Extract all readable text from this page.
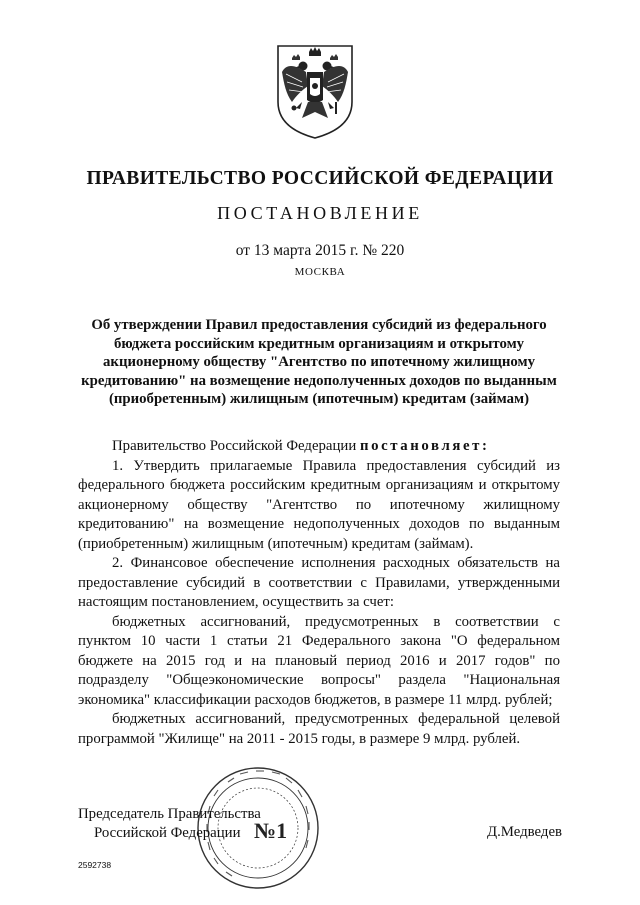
ПРАВИТЕЛЬСТВО РОССИЙСКОЙ ФЕДЕРАЦИИ
ПОСТАНОВЛЕНИЕ
от 13 марта 2015 г. № 220
МОСКВА
Об утверждении Правил предоставления субсидий из федерального бюджета российским кредитным организациям и открытому акционерному обществу "Агентство по ипотечному жилищному кредитованию" на возмещение недополученных доходов по выданным (приобретенным) жилищным (ипотечным) кредитам (займам)

Правительство Российской Федерации постановляет:

1. Утвердить прилагаемые Правила предоставления субсидий из федерального бюджета российским кредитным организациям и открытому акционерному обществу "Агентство по ипотечному жилищному кредитованию" на возмещение недополученных доходов по выданным (приобретенным) жилищным (ипотечным) кредитам (займам).

2. Финансовое обеспечение исполнения расходных обязательств на предоставление субсидий в соответствии с Правилами, утвержденными настоящим постановлением, осуществить за счет:

бюджетных ассигнований, предусмотренных в соответствии с пунктом 10 части 1 статьи 21 Федерального закона "О федеральном бюджете на 2015 год и на плановый период 2016 и 2017 годов" по подразделу "Общеэкономические вопросы" раздела "Национальная экономика" классификации расходов бюджетов, в размере 11 млрд. рублей;

бюджетных ассигнований, предусмотренных федеральной целевой программой "Жилище" на 2011 - 2015 годы, в размере 9 млрд. рублей.

№1
Председатель Правительства
Российской Федерации	Д.Медведев
2592738
